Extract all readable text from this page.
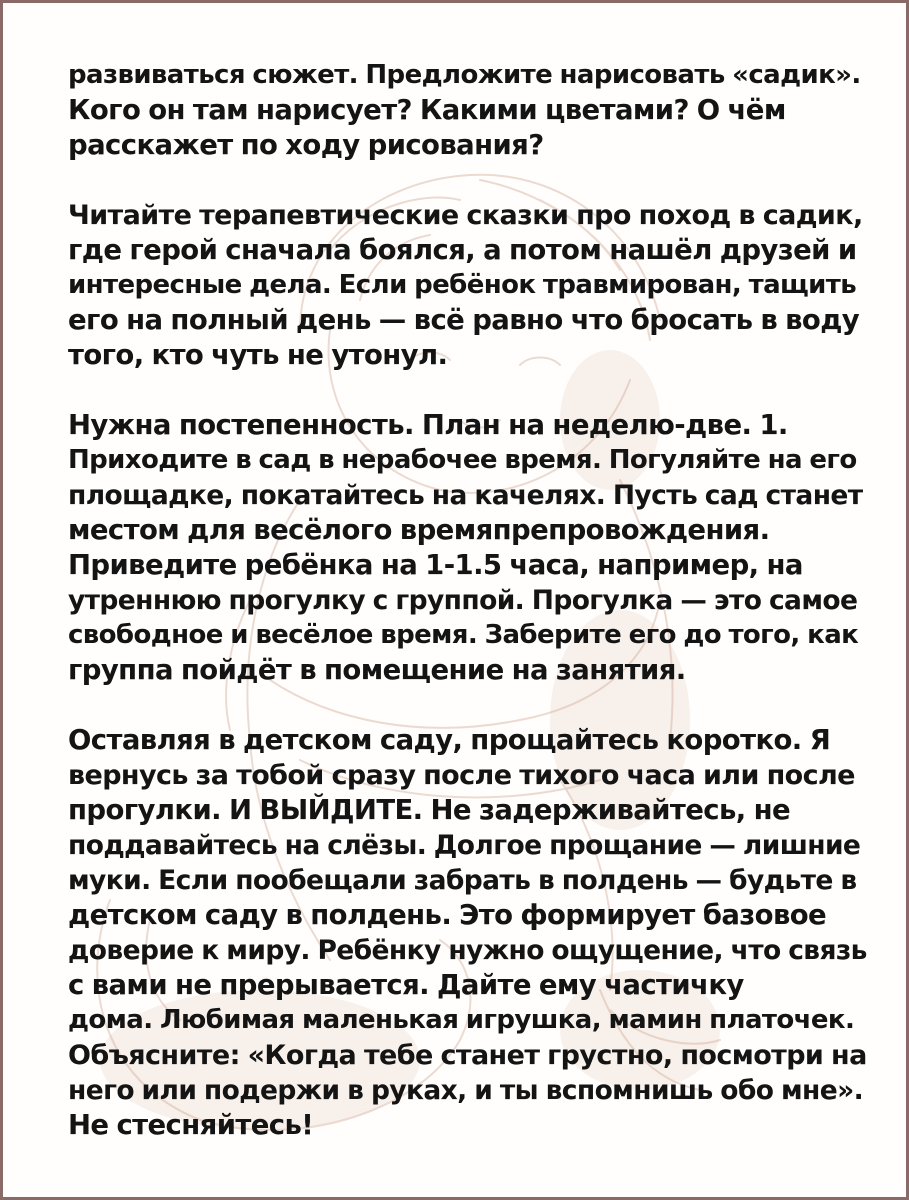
развиваться сюжет. Предложите нарисовать «садик».
Кого он там нарисует? Какими цветами? О чём
расскажет по ходу рисования?

Читайте терапевтические сказки про поход в садик,
где герой сначала боялся, а потом нашёл друзей и
интересные дела. Если ребёнок травмирован, тащить
его на полный день — всё равно что бросать в воду
того, кто чуть не утонул.

Нужна постепенность. План на неделю-две. 1.
Приходите в сад в нерабочее время. Погуляйте на его
площадке, покатайтесь на качелях. Пусть сад станет
местом для весёлого времяпрепровождения.
Приведите ребёнка на 1-1.5 часа, например, на
утреннюю прогулку с группой. Прогулка — это самое
свободное и весёлое время. Заберите его до того, как
группа пойдёт в помещение на занятия.

Оставляя в детском саду, прощайтесь коротко. Я
вернусь за тобой сразу после тихого часа или после
прогулки. И ВЫЙДИТЕ. Не задерживайтесь, не
поддавайтесь на слёзы. Долгое прощание — лишние
муки. Если пообещали забрать в полдень — будьте в
детском саду в полдень. Это формирует базовое
доверие к миру. Ребёнку нужно ощущение, что связь
с вами не прерывается. Дайте ему частичку
дома. Любимая маленькая игрушка, мамин платочек.
Объясните: «Когда тебе станет грустно, посмотри на
него или подержи в руках, и ты вспомнишь обо мне».
Не стесняйтесь!
